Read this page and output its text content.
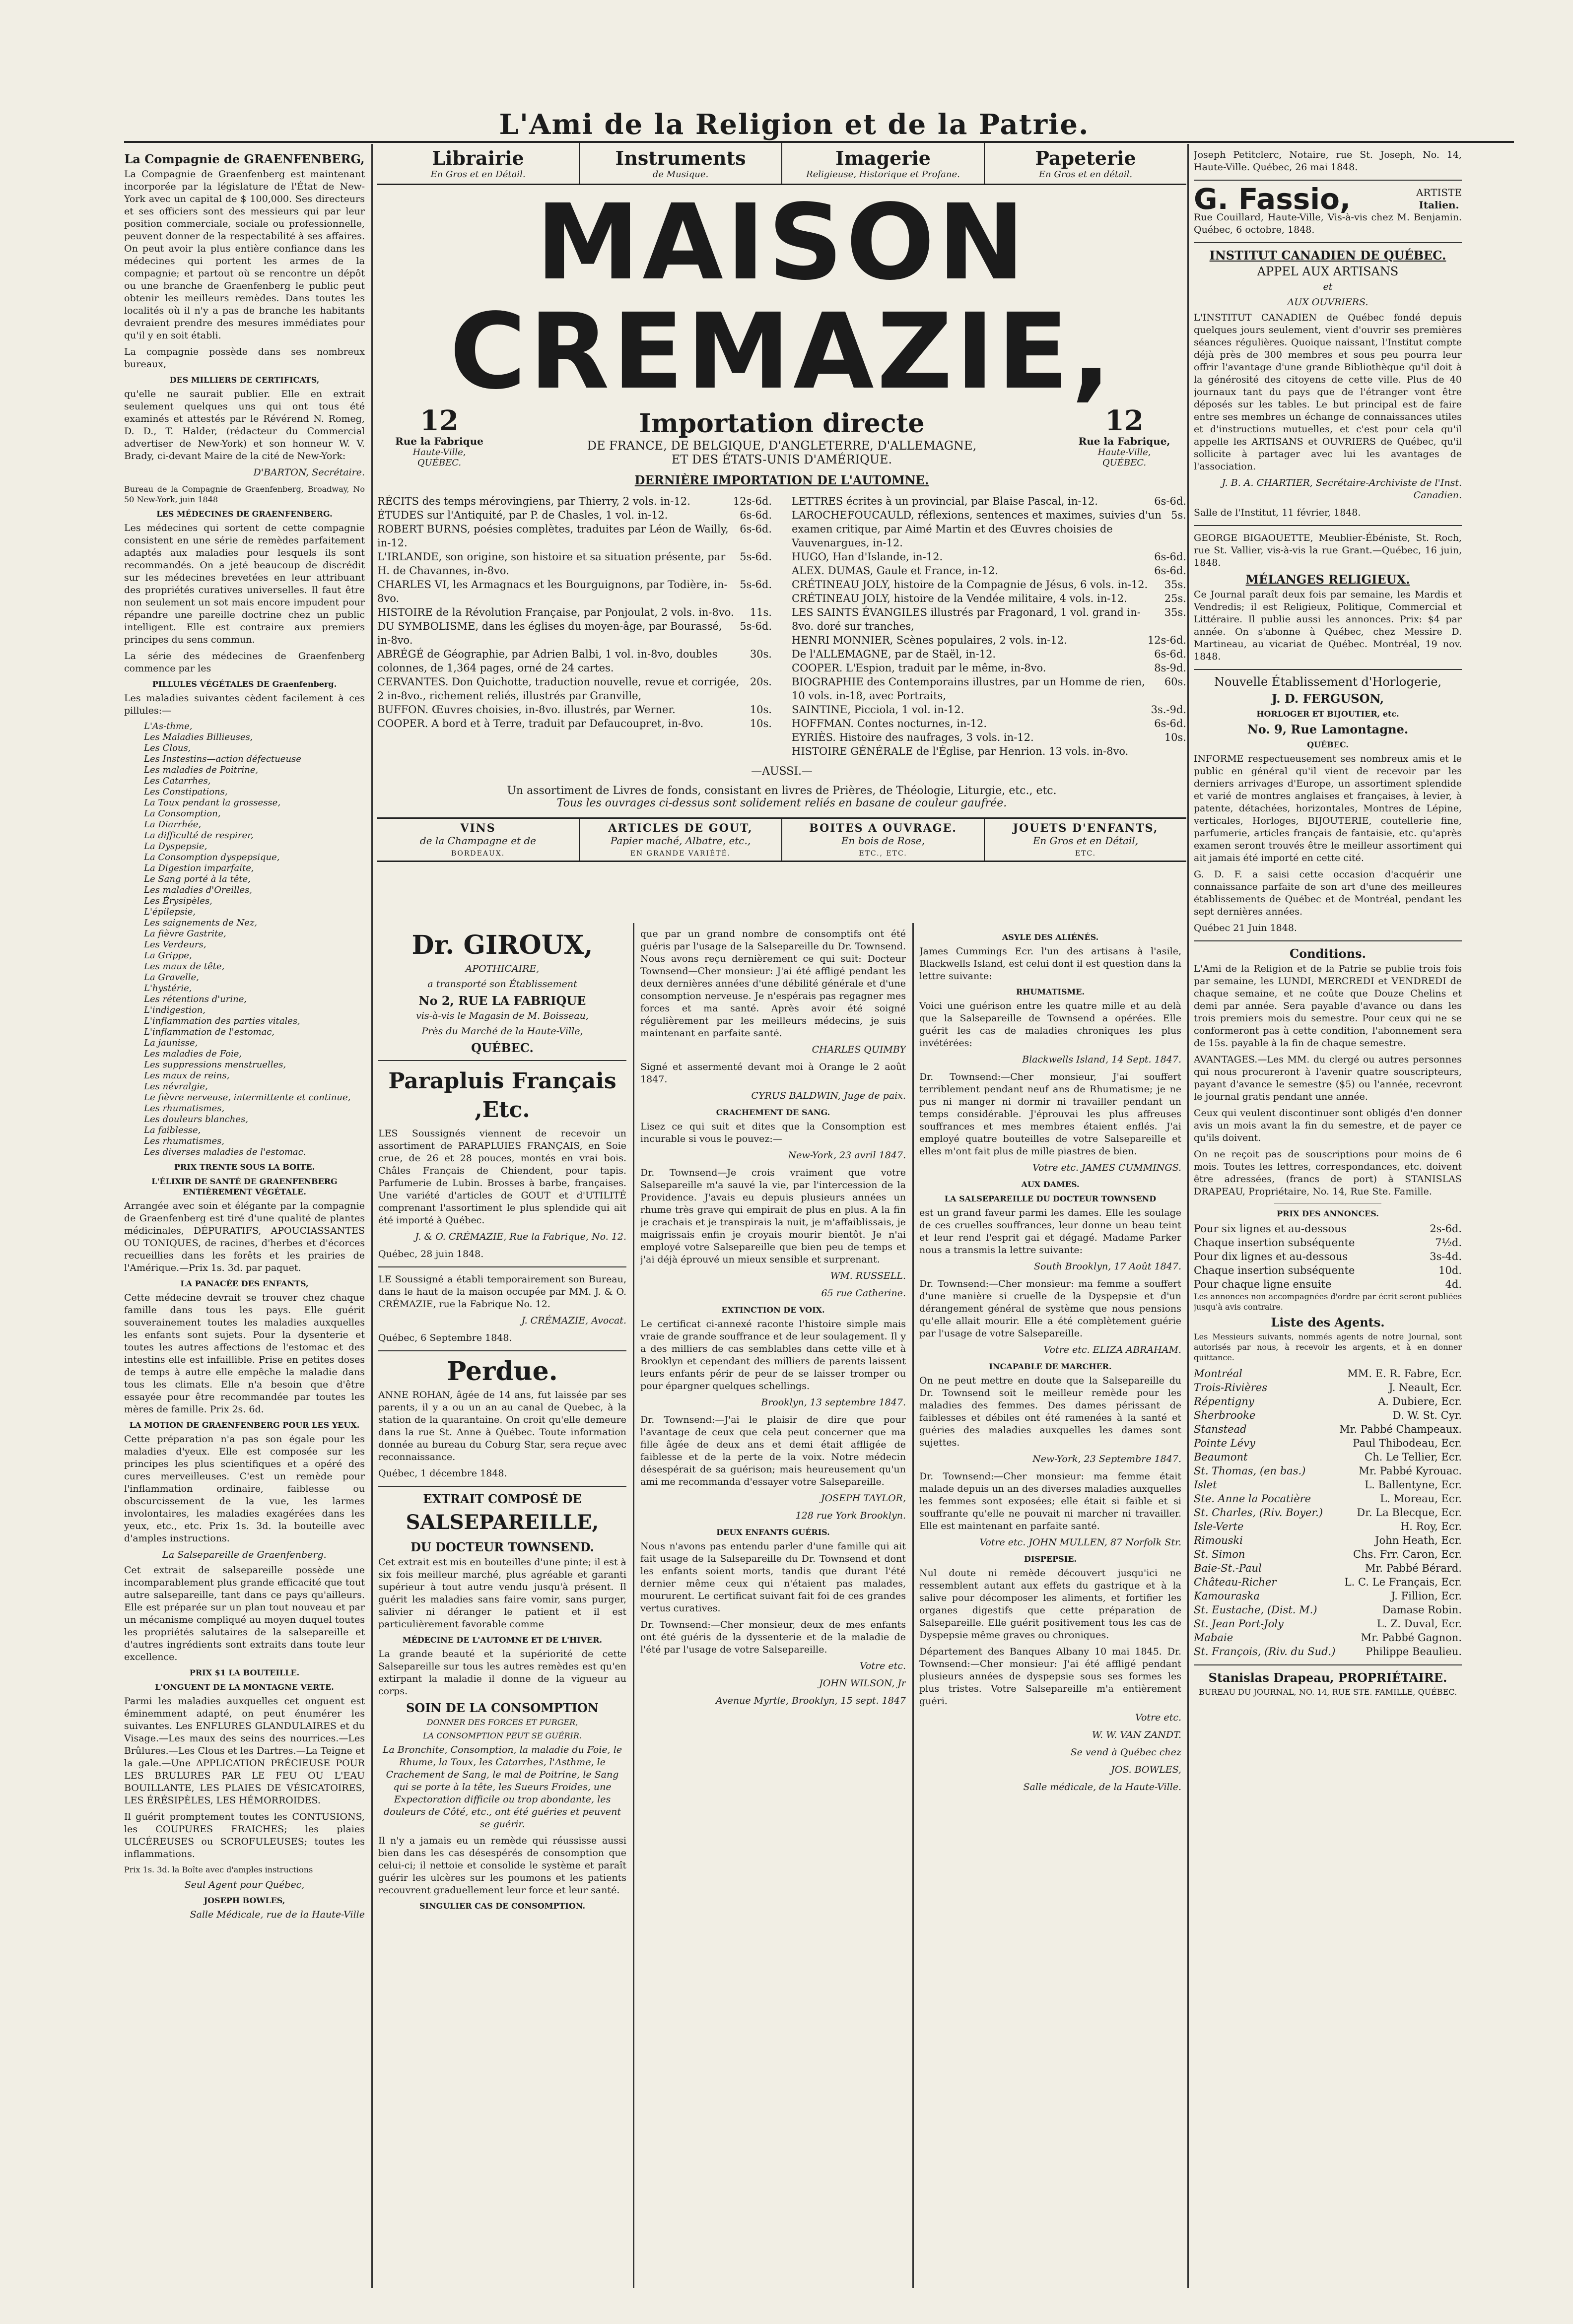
L'Ami de la Religion et de la Patrie.
La Compagnie de GRAENFENBERG,

La Compagnie de Graenfenberg est maintenant incorporée par la législature de l'État de New-York avec un capital de $ 100,000. Ses directeurs et ses officiers sont des messieurs qui par leur position commerciale, sociale ou professionnelle, peuvent donner de la respectabilité à ses affaires. On peut avoir la plus entière confiance dans les médecines qui portent les armes de la compagnie; et partout où se rencontre un dépôt ou une branche de Graenfenberg le public peut obtenir les meilleurs remèdes. Dans toutes les localités où il n'y a pas de branche les habitants devraient prendre des mesures immédiates pour qu'il y en soit établi.

La compagnie possède dans ses nombreux bureaux,

DES MILLIERS DE CERTIFICATS,

qu'elle ne saurait publier. Elle en extrait seulement quelques uns qui ont tous été examinés et attestés par le Révérend N. Romeg, D. D., T. Halder, (rédacteur du Commercial advertiser de New-York) et son honneur W. V. Brady, ci-devant Maire de la cité de New-York:

D'BARTON, Secrétaire.

Bureau de la Compagnie de Graenfenberg, Broadway, No 50 New-York, juin 1848

LES MÉDECINES DE GRAENFENBERG.

Les médecines qui sortent de cette compagnie consistent en une série de remèdes parfaitement adaptés aux maladies pour lesquels ils sont recommandés. On a jeté beaucoup de discrédit sur les médecines brevetées en leur attribuant des propriétés curatives universelles. Il faut être non seulement un sot mais encore impudent pour répandre une pareille doctrine chez un public intelligent. Elle est contraire aux premiers principes du sens commun.

La série des médecines de Graenfenberg commence par les

PILLULES VÉGÉTALES DE Graenfenberg.

Les maladies suivantes cèdent facilement à ces pillules:—

L'As-thme,
Les Maladies Billieuses,
Les Clous,
Les Instestins—action défectueuse
Les maladies de Poitrine,
Les Catarrhes,
Les Constipations,
La Toux pendant la grossesse,
La Consomption,
La Diarrhée,
La difficulté de respirer,
La Dyspepsie,
La Consomption dyspepsique,
La Digestion imparfaite,
Le Sang porté à la tête,
Les maladies d'Oreilles,
Les Érysipèles,
L'épilepsie,
Les saignements de Nez,
La fièvre Gastrite,
Les Verdeurs,
La Grippe,
Les maux de tête,
La Gravelle,
L'hystérie,
Les rétentions d'urine,
L'indigestion,
L'inflammation des parties vitales,
L'inflammation de l'estomac,
La jaunisse,
Les maladies de Foie,
Les suppressions menstruelles,
Les maux de reins,
Les névralgie,
Le fièvre nerveuse, intermittente et continue,
Les rhumatismes,
Les douleurs blanches,
La faiblesse,
Les rhumatismes,
Les diverses maladies de l'estomac.
PRIX TRENTE SOUS LA BOITE.
L'ÉLIXIR DE SANTÉ DE GRAENFENBERG ENTIÈREMENT VÉGÉTALE.

Arrangée avec soin et élégante par la compagnie de Graenfenberg est tiré d'une qualité de plantes médicinales, DÉPURATIFS, APOUCIASSANTES OU TONIQUES, de racines, d'herbes et d'écorces recueillies dans les forêts et les prairies de l'Amérique.—Prix 1s. 3d. par paquet.

LA PANACÉE DES ENFANTS,

Cette médecine devrait se trouver chez chaque famille dans tous les pays. Elle guérit souverainement toutes les maladies auxquelles les enfants sont sujets. Pour la dysenterie et toutes les autres affections de l'estomac et des intestins elle est infaillible. Prise en petites doses de temps à autre elle empêche la maladie dans tous les climats. Elle n'a besoin que d'être essayée pour être recommandée par toutes les mères de famille. Prix 2s. 6d.

LA MOTION DE GRAENFENBERG POUR LES YEUX.

Cette préparation n'a pas son égale pour les maladies d'yeux. Elle est composée sur les principes les plus scientifiques et a opéré des cures merveilleuses. C'est un remède pour l'inflammation ordinaire, faiblesse ou obscurcissement de la vue, les larmes involontaires, les maladies exagérées dans les yeux, etc., etc. Prix 1s. 3d. la bouteille avec d'amples instructions.

La Salsepareille de Graenfenberg.

Cet extrait de salsepareille possède une incomparablement plus grande efficacité que tout autre salsepareille, tant dans ce pays qu'ailleurs. Elle est préparée sur un plan tout nouveau et par un mécanisme compliqué au moyen duquel toutes les propriétés salutaires de la salsepareille et d'autres ingrédients sont extraits dans toute leur excellence.

PRIX $1 LA BOUTEILLE.
L'ONGUENT DE LA MONTAGNE VERTE.

Parmi les maladies auxquelles cet onguent est éminemment adapté, on peut énumérer les suivantes. Les ENFLURES GLANDULAIRES et du Visage.—Les maux des seins des nourrices.—Les Brûlures.—Les Clous et les Dartres.—La Teigne et la gale.—Une APPLICATION PRÉCIEUSE POUR LES BRULURES PAR LE FEU OU L'EAU BOUILLANTE, LES PLAIES DE VÉSICATOIRES, LES ÉRÉSIPÈLES, LES HÉMORROIDES.

Il guérit promptement toutes les CONTUSIONS, les COUPURES FRAICHES; les plaies ULCÉREUSES ou SCROFULEUSES; toutes les inflammations.

Prix 1s. 3d. la Boîte avec d'amples instructions

Seul Agent pour Québec,
JOSEPH BOWLES,
Salle Médicale, rue de la Haute-Ville
Librairie
En Gros et en Détail.
Instruments
de Musique.
Imagerie
Religieuse, Historique et Profane.
Papeterie
En Gros et en détail.
MAISON CREMAZIE,
12
Rue la Fabrique
Haute-Ville,
QUÉBEC.
Importation directe
DE FRANCE, DE BELGIQUE, D'ANGLETERRE, D'ALLEMAGNE,
ET DES ÉTATS-UNIS D'AMÉRIQUE.
12
Rue la Fabrique,
Haute-Ville,
QUÉBEC.
DERNIÈRE IMPORTATION DE L'AUTOMNE.
RÉCITS des temps mérovingiens, par Thierry, 2 vols. in-12.	12s-6d.
ÉTUDES sur l'Antiquité, par P. de Chasles, 1 vol. in-12.	6s-6d.
ROBERT BURNS, poésies complètes, traduites par Léon de Wailly, in-12.
6s-6d.
L'IRLANDE, son origine, son histoire et sa situation présente, par H. de Chavannes, in-8vo.
5s-6d.
CHARLES VI, les Armagnacs et les Bourguignons, par Todière, in-8vo.
5s-6d.
HISTOIRE de la Révolution Française, par Ponjoulat, 2 vols. in-8vo. 11s.
DU SYMBOLISME, dans les églises du moyen-âge, par Bourassé, in-8vo.
5s-6d.
ABRÉGÉ de Géographie, par Adrien Balbi, 1 vol. in-8vo, doubles colonnes, de 1,364 pages, orné de 24 cartes.
30s.
CERVANTES. Don Quichotte, traduction nouvelle, revue et corrigée, 2 in-8vo., richement reliés, illustrés par Granville,
20s.
BUFFON. Œuvres choisies, in-8vo. illustrés, par Werner.	10s.
COOPER. A bord et à Terre, traduit par Defaucoupret, in-8vo.	10s.
LETTRES écrites à un provincial, par Blaise Pascal, in-12.	6s-6d.
LAROCHEFOUCAULD, réflexions, sentences et maximes, suivies d'un examen critique, par Aimé Martin et des Œuvres choisies de Vauvenargues, in-12.
5s.
HUGO, Han d'Islande, in-12.	6s-6d.
ALEX. DUMAS, Gaule et France, in-12.	6s-6d.
CRÉTINEAU JOLY, histoire de la Compagnie de Jésus, 6 vols. in-12. 35s.
CRÉTINEAU JOLY, histoire de la Vendée militaire, 4 vols. in-12.	25s.
LES SAINTS ÉVANGILES illustrés par Fragonard, 1 vol. grand in-8vo. doré sur tranches,
35s.
HENRI MONNIER, Scènes populaires, 2 vols. in-12.	12s-6d.
De l'ALLEMAGNE, par de Staël, in-12.	6s-6d.
COOPER. L'Espion, traduit par le même, in-8vo.	8s-9d.
BIOGRAPHIE des Contemporains illustres, par un Homme de rien, 10 vols. in-18, avec Portraits,
60s.
SAINTINE, Picciola, 1 vol. in-12.	3s.-9d.
HOFFMAN. Contes nocturnes, in-12.	6s-6d.
EYRIÈS. Histoire des naufrages, 3 vols. in-12.	10s.
HISTOIRE GÉNÉRALE de l'Église, par Henrion. 13 vols. in-8vo.
—AUSSI.—
Un assortiment de Livres de fonds, consistant en livres de Prières, de Théologie, Liturgie, etc., etc.
Tous les ouvrages ci-dessus sont solidement reliés en basane de couleur gaufrée.
VINS
de la Champagne et de
BORDEAUX.
ARTICLES DE GOUT,
Papier maché, Albatre, etc.,
EN GRANDE VARIÉTÉ.
BOITES A OUVRAGE.
En bois de Rose,
ETC., ETC.
JOUETS D'ENFANTS,
En Gros et en Détail,
ETC.
Dr. GIROUX,
APOTHICAIRE,
a transporté son Établissement
No 2, RUE LA FABRIQUE
vis-à-vis le Magasin de M. Boisseau,
Près du Marché de la Haute-Ville,
QUÉBEC.
Parapluis Français ,Etc.

LES Soussignés viennent de recevoir un assortiment de PARAPLUIES FRANÇAIS, en Soie crue, de 26 et 28 pouces, montés en vrai bois. Châles Français de Chiendent, pour tapis. Parfumerie de Lubin. Brosses à barbe, françaises. Une variété d'articles de GOUT et d'UTILITÉ comprenant l'assortiment le plus splendide qui ait été importé à Québec.

J. & O. CRÉMAZIE, Rue la Fabrique, No. 12.

Québec, 28 juin 1848.

LE Soussigné a établi temporairement son Bureau, dans le haut de la maison occupée par MM. J. & O. CRÉMAZIE, rue la Fabrique No. 12.

J. CRÉMAZIE, Avocat.

Québec, 6 Septembre 1848.

Perdue.

ANNE ROHAN, âgée de 14 ans, fut laissée par ses parents, il y a ou un an au canal de Quebec, à la station de la quarantaine. On croit qu'elle demeure dans la rue St. Anne à Québec. Toute information donnée au bureau du Coburg Star, sera reçue avec reconnaissance.

Québec, 1 décembre 1848.

EXTRAIT COMPOSÉ DE
SALSEPAREILLE,
DU DOCTEUR TOWNSEND.

Cet extrait est mis en bouteilles d'une pinte; il est à six fois meilleur marché, plus agréable et garanti supérieur à tout autre vendu jusqu'à présent. Il guérit les maladies sans faire vomir, sans purger, salivier ni déranger le patient et il est particulièrement favorable comme

MÉDECINE DE L'AUTOMNE ET DE L'HIVER.

La grande beauté et la supériorité de cette Salsepareille sur tous les autres remèdes est qu'en extirpant la maladie il donne de la vigueur au corps.

SOIN DE LA CONSOMPTION
DONNER DES FORCES ET PURGER,
LA CONSOMPTION PEUT SE GUÉRIR.

La Bronchite, Consomption, la maladie du Foie, le Rhume, la Toux, les Catarrhes, l'Asthme, le Crachement de Sang, le mal de Poitrine, le Sang qui se porte à la tête, les Sueurs Froides, une Expectoration difficile ou trop abondante, les douleurs de Côté, etc., ont été guéries et peuvent se guérir.

Il n'y a jamais eu un remède qui réussisse aussi bien dans les cas désespérés de consomption que celui-ci; il nettoie et consolide le système et paraît guérir les ulcères sur les poumons et les patients recouvrent graduellement leur force et leur santé.

SINGULIER CAS DE CONSOMPTION.

que par un grand nombre de consomptifs ont été guéris par l'usage de la Salsepareille du Dr. Townsend. Nous avons reçu dernièrement ce qui suit: Docteur Townsend—Cher monsieur: J'ai été affligé pendant les deux dernières années d'une débilité générale et d'une consomption nerveuse. Je n'espérais pas regagner mes forces et ma santé. Après avoir été soigné régulièrement par les meilleurs médecins, je suis maintenant en parfaite santé.

CHARLES QUIMBY

Signé et assermenté devant moi à Orange le 2 août 1847.

CYRUS BALDWIN, Juge de paix.
CRACHEMENT DE SANG.

Lisez ce qui suit et dites que la Consomption est incurable si vous le pouvez:—

New-York, 23 avril 1847.

Dr. Townsend—Je crois vraiment que votre Salsepareille m'a sauvé la vie, par l'intercession de la Providence. J'avais eu depuis plusieurs années un rhume très grave qui empirait de plus en plus. A la fin je crachais et je transpirais la nuit, je m'affaiblissais, je maigrissais enfin je croyais mourir bientôt. Je n'ai employé votre Salsepareille que bien peu de temps et j'ai déjà éprouvé un mieux sensible et surprenant.

WM. RUSSELL.
65 rue Catherine.
EXTINCTION DE VOIX.

Le certificat ci-annexé raconte l'histoire simple mais vraie de grande souffrance et de leur soulagement. Il y a des milliers de cas semblables dans cette ville et à Brooklyn et cependant des milliers de parents laissent leurs enfants périr de peur de se laisser tromper ou pour épargner quelques schellings.

Brooklyn, 13 septembre 1847.

Dr. Townsend:—J'ai le plaisir de dire que pour l'avantage de ceux que cela peut concerner que ma fille âgée de deux ans et demi était affligée de faiblesse et de la perte de la voix. Notre médecin désespérait de sa guérison; mais heureusement qu'un ami me recommanda d'essayer votre Salsepareille.

JOSEPH TAYLOR,
128 rue York Brooklyn.
DEUX ENFANTS GUÉRIS.

Nous n'avons pas entendu parler d'une famille qui ait fait usage de la Salsepareille du Dr. Townsend et dont les enfants soient morts, tandis que durant l'été dernier même ceux qui n'étaient pas malades, moururent. Le certificat suivant fait foi de ces grandes vertus curatives.

Dr. Townsend:—Cher monsieur, deux de mes enfants ont été guéris de la dyssenterie et de la maladie de l'été par l'usage de votre Salsepareille.

Votre etc.
JOHN WILSON, Jr
Avenue Myrtle, Brooklyn, 15 sept. 1847
ASYLE DES ALIÉNÉS.

James Cummings Ecr. l'un des artisans à l'asile, Blackwells Island, est celui dont il est question dans la lettre suivante:

RHUMATISME.

Voici une guérison entre les quatre mille et au delà que la Salsepareille de Townsend a opérées. Elle guérit les cas de maladies chroniques les plus invétérées:

Blackwells Island, 14 Sept. 1847.

Dr. Townsend:—Cher monsieur, J'ai souffert terriblement pendant neuf ans de Rhumatisme; je ne pus ni manger ni dormir ni travailler pendant un temps considérable. J'éprouvai les plus affreuses souffrances et mes membres étaient enflés. J'ai employé quatre bouteilles de votre Salsepareille et elles m'ont fait plus de mille piastres de bien.

Votre etc. JAMES CUMMINGS.
AUX DAMES.
LA SALSEPAREILLE DU DOCTEUR TOWNSEND

est un grand faveur parmi les dames. Elle les soulage de ces cruelles souffrances, leur donne un beau teint et leur rend l'esprit gai et dégagé. Madame Parker nous a transmis la lettre suivante:

South Brooklyn, 17 Août 1847.

Dr. Townsend:—Cher monsieur: ma femme a souffert d'une manière si cruelle de la Dyspepsie et d'un dérangement général de système que nous pensions qu'elle allait mourir. Elle a été complètement guérie par l'usage de votre Salsepareille.

Votre etc. ELIZA ABRAHAM.
INCAPABLE DE MARCHER.

On ne peut mettre en doute que la Salsepareille du Dr. Townsend soit le meilleur remède pour les maladies des femmes. Des dames périssant de faiblesses et débiles ont été ramenées à la santé et guéries des maladies auxquelles les dames sont sujettes.

New-York, 23 Septembre 1847.

Dr. Townsend:—Cher monsieur: ma femme était malade depuis un an des diverses maladies auxquelles les femmes sont exposées; elle était si faible et si souffrante qu'elle ne pouvait ni marcher ni travailler. Elle est maintenant en parfaite santé.

Votre etc. JOHN MULLEN, 87 Norfolk Str.
DISPEPSIE.

Nul doute ni remède découvert jusqu'ici ne ressemblent autant aux effets du gastrique et à la salive pour décomposer les aliments, et fortifier les organes digestifs que cette préparation de Salsepareille. Elle guérit positivement tous les cas de Dyspepsie même graves ou chroniques.

Département des Banques Albany 10 mai 1845. Dr. Townsend:—Cher monsieur: J'ai été affligé pendant plusieurs années de dyspepsie sous ses formes les plus tristes. Votre Salsepareille m'a entièrement guéri.

Votre etc.
W. W. VAN ZANDT.
Se vend à Québec chez
JOS. BOWLES,
Salle médicale, de la Haute-Ville.

Joseph Petitclerc, Notaire, rue St. Joseph, No. 14, Haute-Ville. Québec, 26 mai 1848.

G. Fassio,	ARTISTE
Italien.

Rue Couillard, Haute-Ville, Vis-à-vis chez M. Benjamin. Québec, 6 octobre, 1848.

INSTITUT CANADIEN DE QUÉBEC.
APPEL AUX ARTISANS
et
AUX OUVRIERS.

L'INSTITUT CANADIEN de Québec fondé depuis quelques jours seulement, vient d'ouvrir ses premières séances régulières. Quoique naissant, l'Institut compte déjà près de 300 membres et sous peu pourra leur offrir l'avantage d'une grande Bibliothèque qu'il doit à la générosité des citoyens de cette ville. Plus de 40 journaux tant du pays que de l'étranger vont être déposés sur les tables. Le but principal est de faire entre ses membres un échange de connaissances utiles et d'instructions mutuelles, et c'est pour cela qu'il appelle les ARTISANS et OUVRIERS de Québec, qu'il sollicite à partager avec lui les avantages de l'association.

J. B. A. CHARTIER, Secrétaire-Archiviste de l'Inst. Canadien.

Salle de l'Institut, 11 février, 1848.

GEORGE BIGAOUETTE, Meublier-Ébéniste, St. Roch, rue St. Vallier, vis-à-vis la rue Grant.—Québec, 16 juin, 1848.

MÉLANGES RELIGIEUX.

Ce Journal paraît deux fois par semaine, les Mardis et Vendredis; il est Religieux, Politique, Commercial et Littéraire. Il publie aussi les annonces. Prix: $4 par année. On s'abonne à Québec, chez Messire D. Martineau, au vicariat de Québec. Montréal, 19 nov. 1848.

Nouvelle Établissement d'Horlogerie,
J. D. FERGUSON,
HORLOGER ET BIJOUTIER, etc.
No. 9, Rue Lamontagne.
QUÉBEC.

INFORME respectueusement ses nombreux amis et le public en général qu'il vient de recevoir par les derniers arrivages d'Europe, un assortiment splendide et varié de montres anglaises et françaises, à levier, à patente, détachées, horizontales, Montres de Lépine, verticales, Horloges, BIJOUTERIE, coutellerie fine, parfumerie, articles français de fantaisie, etc. qu'après examen seront trouvés être le meilleur assortiment qui ait jamais été importé en cette cité.

G. D. F. a saisi cette occasion d'acquérir une connaissance parfaite de son art d'une des meilleures établissements de Québec et de Montréal, pendant les sept dernières années.

Québec 21 Juin 1848.

Conditions.

L'Ami de la Religion et de la Patrie se publie trois fois par semaine, les LUNDI, MERCREDI et VENDREDI de chaque semaine, et ne coûte que Douze Chelins et demi par année. Sera payable d'avance ou dans les trois premiers mois du semestre. Pour ceux qui ne se conformeront pas à cette condition, l'abonnement sera de 15s. payable à la fin de chaque semestre.

AVANTAGES.—Les MM. du clergé ou autres personnes qui nous procureront à l'avenir quatre souscripteurs, payant d'avance le semestre ($5) ou l'année, recevront le journal gratis pendant une année.

Ceux qui veulent discontinuer sont obligés d'en donner avis un mois avant la fin du semestre, et de payer ce qu'ils doivent.

On ne reçoit pas de souscriptions pour moins de 6 mois. Toutes les lettres, correspondances, etc. doivent être adressées, (francs de port) à STANISLAS DRAPEAU, Propriétaire, No. 14, Rue Ste. Famille.

PRIX DES ANNONCES.
Pour six lignes et au-dessous	2s-6d.
Chaque insertion subséquente	7½d.
Pour dix lignes et au-dessous	3s-4d.
Chaque insertion subséquente	10d.
Pour chaque ligne ensuite	4d.

Les annonces non accompagnées d'ordre par écrit seront publiées jusqu'à avis contraire.

Liste des Agents.

Les Messieurs suivants, nommés agents de notre Journal, sont autorisés par nous, à recevoir les argents, et à en donner quittance.

Montréal	MM. E. R. Fabre, Ecr.
Trois-Rivières	J. Neault, Ecr.
Répentigny	A. Dubiere, Ecr.
Sherbrooke	D. W. St. Cyr.
Stanstead	Mr. Pabbé Champeaux.
Pointe Lévy	Paul Thibodeau, Ecr.
Beaumont	Ch. Le Tellier, Ecr.
St. Thomas, (en bas.)	Mr. Pabbé Kyrouac.
Islet	L. Ballentyne, Ecr.
Ste. Anne la Pocatière	L. Moreau, Ecr.
St. Charles, (Riv. Boyer.)	Dr. La Blecque, Ecr.
Isle-Verte	H. Roy, Ecr.
Rimouski	John Heath, Ecr.
St. Simon	Chs. Frr. Caron, Ecr.
Baie-St.-Paul	Mr. Pabbé Bérard.
Château-Richer	L. C. Le Français, Ecr.
Kamouraska	J. Fillion, Ecr.
St. Eustache, (Dist. M.)	Damase Robin.
St. Jean Port-Joly	L. Z. Duval, Ecr.
Mabaie	Mr. Pabbé Gagnon.
St. François, (Riv. du Sud.)	Philippe Beaulieu.
Stanislas Drapeau, PROPRIÉTAIRE.
BUREAU DU JOURNAL, NO. 14, RUE STE. FAMILLE, QUÉBEC.
